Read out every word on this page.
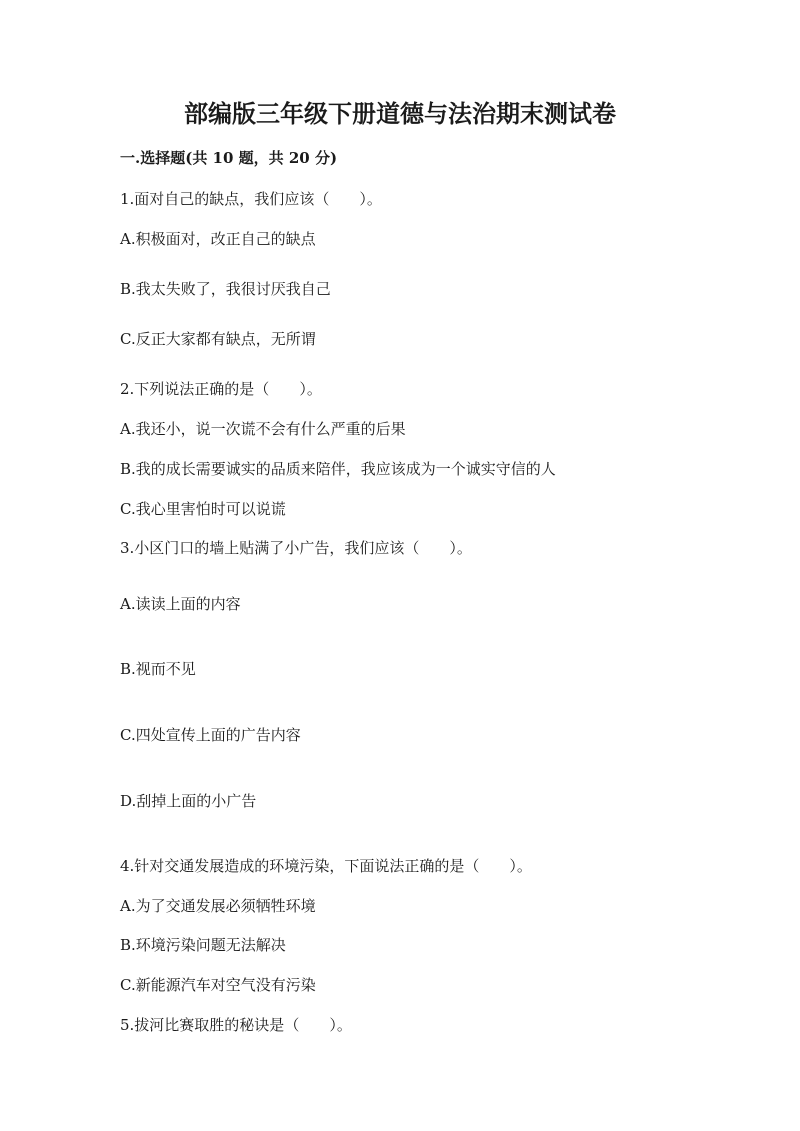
部编版三年级下册道德与法治期末测试卷
一.选择题(共 10 题，共 20 分)
1.面对自己的缺点，我们应该（　　）。
A.积极面对，改正自己的缺点
B.我太失败了，我很讨厌我自己
C.反正大家都有缺点，无所谓
2.下列说法正确的是（　　）。
A.我还小，说一次谎不会有什么严重的后果
B.我的成长需要诚实的品质来陪伴，我应该成为一个诚实守信的人
C.我心里害怕时可以说谎
3.小区门口的墙上贴满了小广告，我们应该（　　）。
A.读读上面的内容
B.视而不见
C.四处宣传上面的广告内容
D.刮掉上面的小广告
4.针对交通发展造成的环境污染，下面说法正确的是（　　）。
A.为了交通发展必须牺牲环境
B.环境污染问题无法解决
C.新能源汽车对空气没有污染
5.拔河比赛取胜的秘诀是（　　）。
